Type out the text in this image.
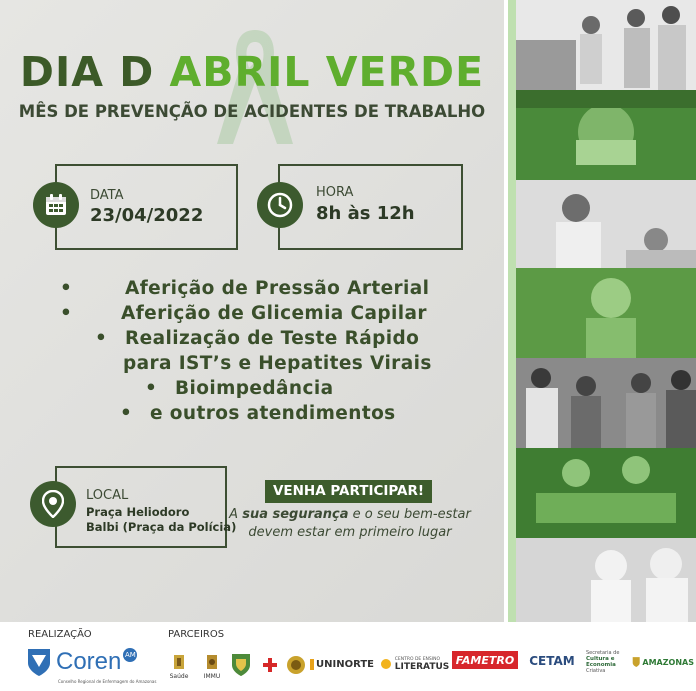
DIA D ABRIL VERDE
MÊS DE PREVENÇÃO DE ACIDENTES DE TRABALHO
DATA
23/04/2022
HORA
8h às 12h
•	Aferição de Pressão Arterial
•	Aferição de Glicemia Capilar
• Realização de Teste Rápido
para IST’s e Hepatites Virais
• Bioimpedância
• e outros atendimentos
LOCAL
Praça Heliodoro
Balbi (Praça da Polícia)
VENHA PARTICIPAR!
A sua segurança e o seu bem-estar
devem estar em primeiro lugar
REALIZAÇÃO	PARCEIROS
Coren AM
Conselho Regional de Enfermagem do Amazonas
Saúde	IMMU
UNINORTE	CENTRO DE ENSINO
LITERATUS FAMETRO CETAM
Secretaria de
Cultura e Economia
Criativa
AMAZONAS
